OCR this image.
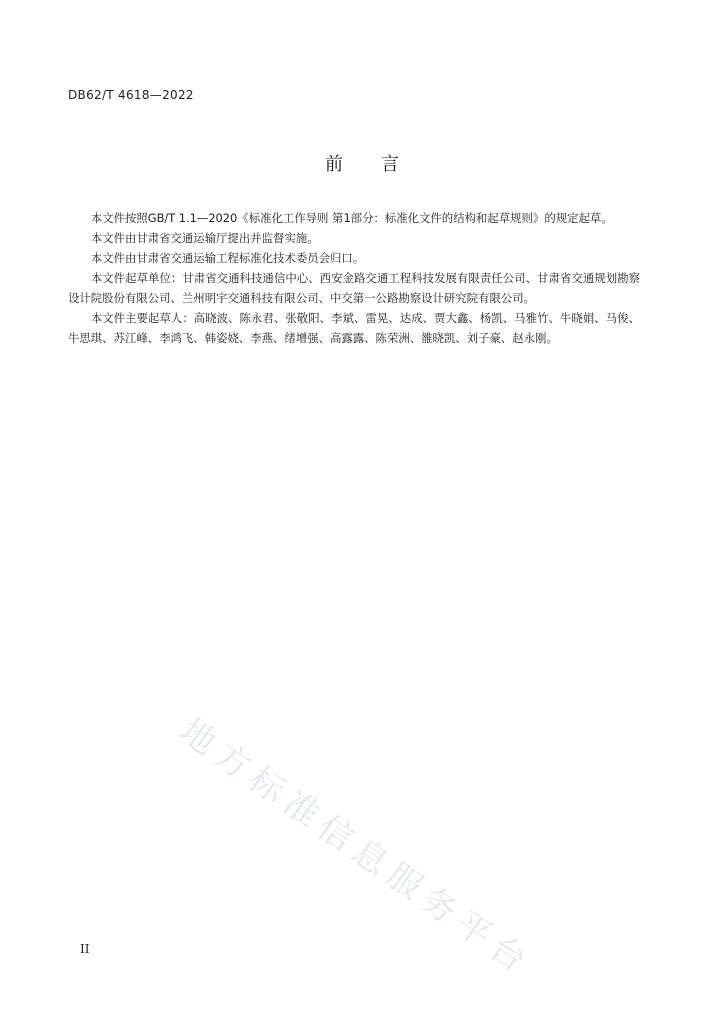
DB62/T 4618—2022
前言

本文件按照GB/T 1.1—2020《标准化工作导则 第1部分：标准化文件的结构和起草规则》的规定起草。

本文件由甘肃省交通运输厅提出并监督实施。

本文件由甘肃省交通运输工程标准化技术委员会归口。

本文件起草单位：甘肃省交通科技通信中心、西安金路交通工程科技发展有限责任公司、甘肃省交通规划勘察设计院股份有限公司、兰州明宇交通科技有限公司、中交第一公路勘察设计研究院有限公司。

本文件主要起草人：高晓波、陈永君、张敬阳、李斌、雷晃、达成、贾大鑫、杨凯、马雅竹、牛晓娟、马俊、牛思琪、苏江峰、李鸿飞、韩姿娆、李燕、绪增强、高露露、陈荣洲、雒晓凯、刘子豪、赵永刚。

地方标准信息服务平台
II
